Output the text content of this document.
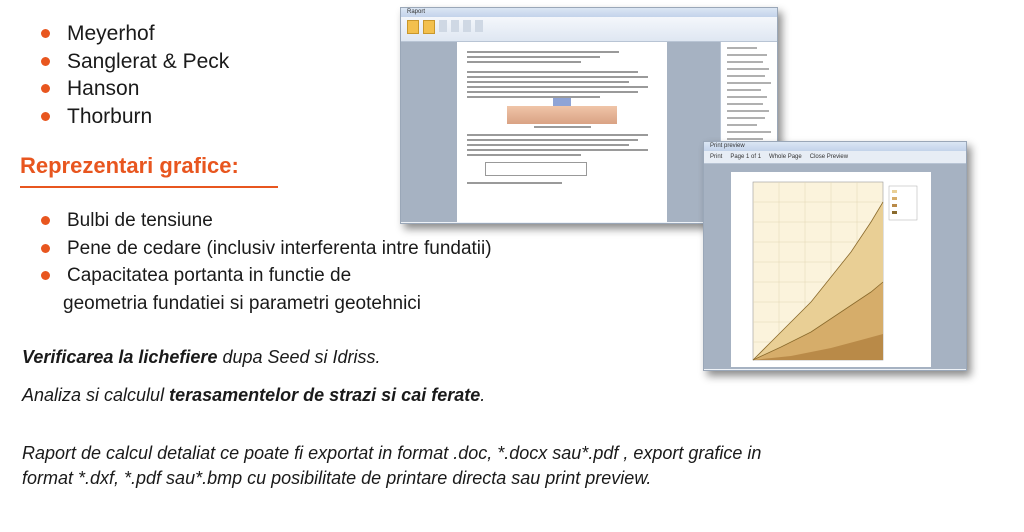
Meyerhof
Sanglerat & Peck
Hanson
Thorburn
Reprezentari grafice:
Bulbi de tensiune
Pene de cedare (inclusiv interferenta intre fundatii)
Capacitatea portanta in functie de
geometria fundatiei si parametri geotehnici
Verificarea la lichefiere dupa Seed si Idriss.
Analiza si calculul terasamentelor de strazi si cai ferate.
Raport de calcul detaliat ce poate fi exportat in format .doc, *.docx sau*.pdf , export grafice in
format *.dxf, *.pdf sau*.bmp cu posibilitate de printare directa sau print preview.
Raport
Print preview
Print Page 1 of 1 Whole Page Close Preview
